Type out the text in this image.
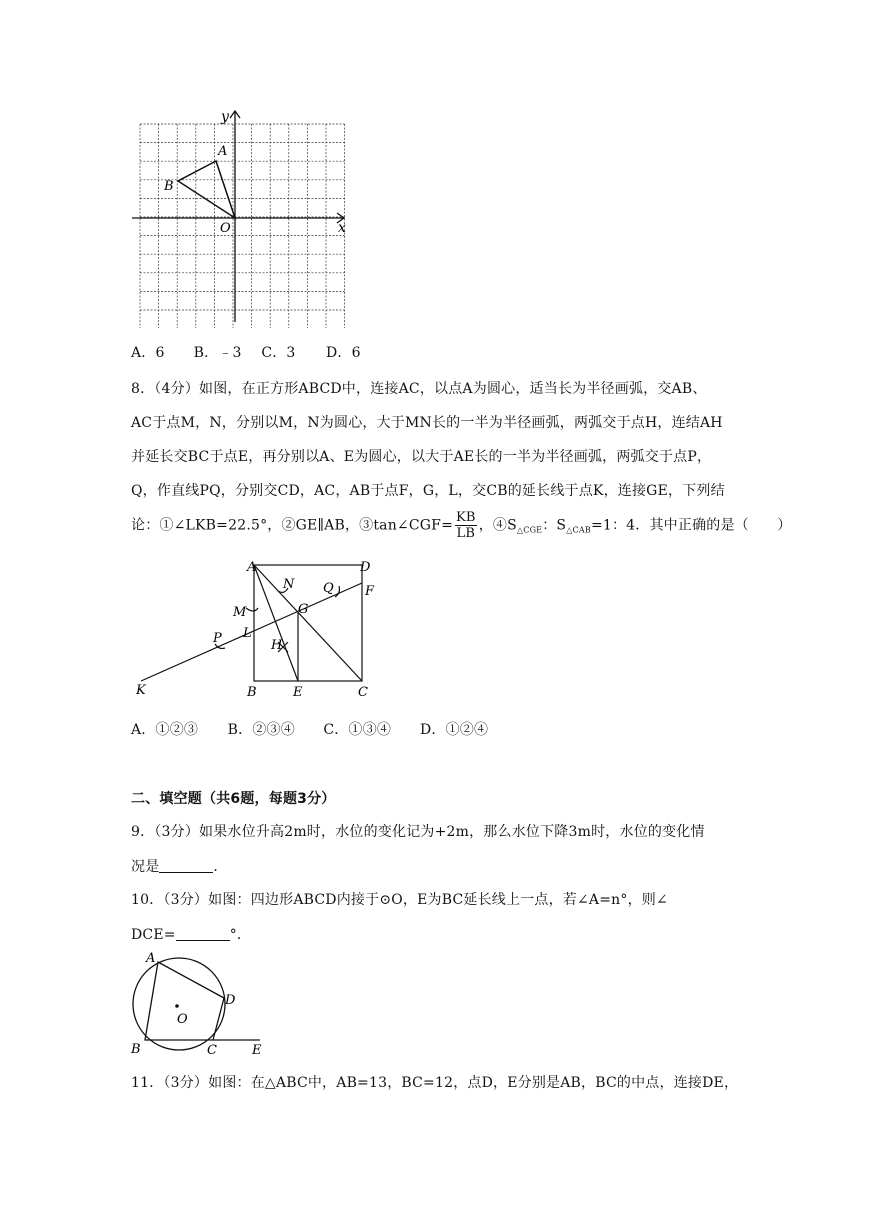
x
y
A
B
O
A．6 B．﹣3 C．3 D．6
8．（4分）如图，在正方形ABCD中，连接AC，以点A为圆心，适当长为半径画弧，交AB、
AC于点M，N，分别以M，N为圆心，大于MN长的一半为半径画弧，两弧交于点H，连结AH
并延长交BC于点E，再分别以A、E为圆心，以大于AE长的一半为半径画弧，两弧交于点P，
Q，作直线PQ，分别交CD，AC，AB于点F，G，L，交CB的延长线于点K，连接GE，下列结
论：①∠LKB=22.5°，②GE∥AB，③tan∠CGF= $\frac{KB}{LB}$ ，$④S_{\triangle CGE}$：$S_{\triangle CAB}=1$：4．其中正确的是（　　）
A	D
F
Q
N
G
M
L
H
P
K	B	E	C
A．①②③ B．②③④ C．①③④ D．①②④
二、填空题（共6题，每题3分）
9．（3分）如果水位升高2m时，水位的变化记为+2m，那么水位下降3m时，水位的变化情
况是	．
10．（3分）如图：四边形ABCD内接于⊙O，E为BC延长线上一点，若∠A=n°，则∠
DCE=	°．
A
D
O
B	C	E
11．（3分）如图：在△ABC中，AB=13，BC=12，点D，E分别是AB，BC的中点，连接DE，
